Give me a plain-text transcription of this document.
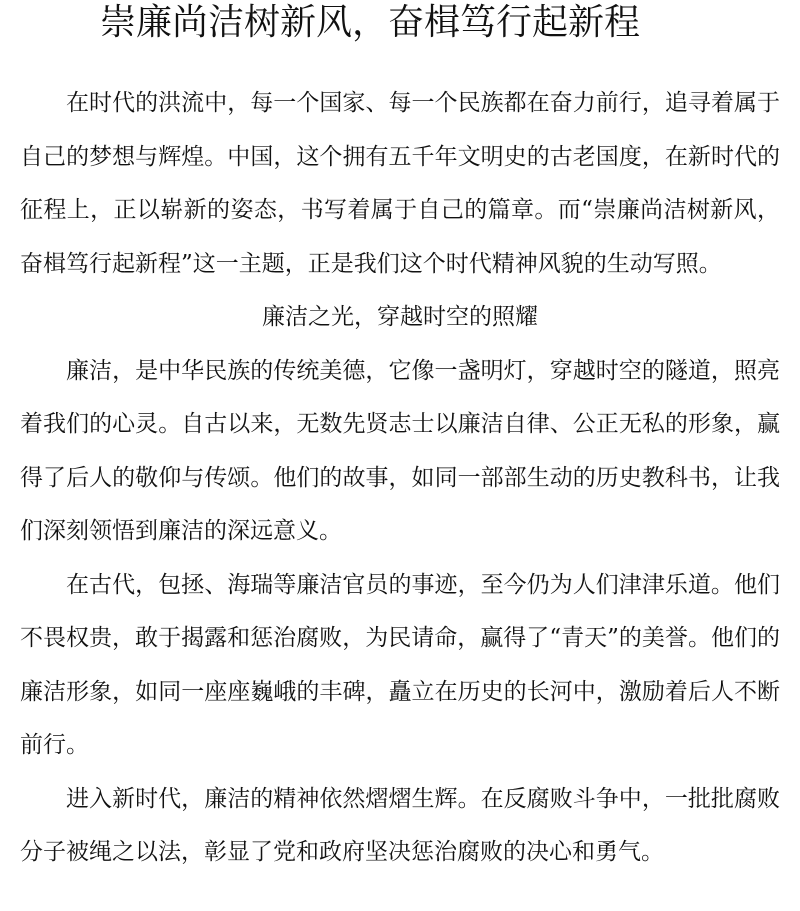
崇廉尚洁树新风，奋楫笃行起新程

在时代的洪流中，每一个国家、每一个民族都在奋力前行，追寻着属于自己的梦想与辉煌。中国，这个拥有五千年文明史的古老国度，在新时代的征程上，正以崭新的姿态，书写着属于自己的篇章。而“崇廉尚洁树新风，奋楫笃行起新程”这一主题，正是我们这个时代精神风貌的生动写照。

廉洁之光，穿越时空的照耀

廉洁，是中华民族的传统美德，它像一盏明灯，穿越时空的隧道，照亮着我们的心灵。自古以来，无数先贤志士以廉洁自律、公正无私的形象，赢得了后人的敬仰与传颂。他们的故事，如同一部部生动的历史教科书，让我们深刻领悟到廉洁的深远意义。

在古代，包拯、海瑞等廉洁官员的事迹，至今仍为人们津津乐道。他们不畏权贵，敢于揭露和惩治腐败，为民请命，赢得了“青天”的美誉。他们的廉洁形象，如同一座座巍峨的丰碑，矗立在历史的长河中，激励着后人不断前行。

进入新时代，廉洁的精神依然熠熠生辉。在反腐败斗争中，一批批腐败分子被绳之以法，彰显了党和政府坚决惩治腐败的决心和勇气。
